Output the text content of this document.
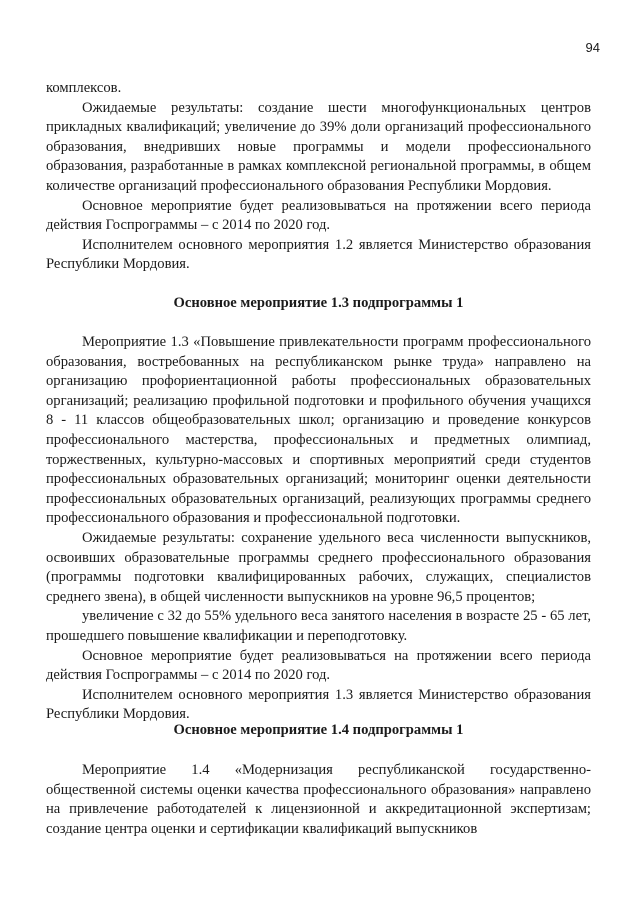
94

комплексов.

Ожидаемые результаты: создание шести многофункциональных центров прикладных квалификаций; увеличение до 39% доли организаций профессионального образования, внедривших новые программы и модели профессионального образования, разработанные в рамках комплексной региональной программы, в общем количестве организаций профессионального образования Республики Мордовия.

Основное мероприятие будет реализовываться на протяжении всего периода действия Госпрограммы – с 2014 по 2020 год.

Исполнителем основного мероприятия 1.2 является Министерство образования Республики Мордовия.

Основное мероприятие 1.3 подпрограммы 1

Мероприятие 1.3 «Повышение привлекательности программ профессионального образования, востребованных на республиканском рынке труда» направлено на организацию профориентационной работы профессиональных образовательных организаций; реализацию профильной подготовки и профильного обучения учащихся 8 - 11 классов общеобразовательных школ; организацию и проведение конкурсов профессионального мастерства, профессиональных и предметных олимпиад, торжественных, культурно-массовых и спортивных мероприятий среди студентов профессиональных образовательных организаций; мониторинг оценки деятельности профессиональных образовательных организаций, реализующих программы среднего профессионального образования и профессиональной подготовки.

Ожидаемые результаты: сохранение удельного веса численности выпускников, освоивших образовательные программы среднего профессионального образования (программы подготовки квалифицированных рабочих, служащих, специалистов среднего звена), в общей численности выпускников на уровне 96,5 процентов;

увеличение с 32 до 55% удельного веса занятого населения в возрасте 25 - 65 лет, прошедшего повышение квалификации и переподготовку.

Основное мероприятие будет реализовываться на протяжении всего периода действия Госпрограммы – с 2014 по 2020 год.

Исполнителем основного мероприятия 1.3 является Министерство образования Республики Мордовия.

Основное мероприятие 1.4 подпрограммы 1

Мероприятие 1.4 «Модернизация республиканской государственно-общественной системы оценки качества профессионального образования» направлено на привлечение работодателей к лицензионной и аккредитационной экспертизам; создание центра оценки и сертификации квалификаций выпускников
